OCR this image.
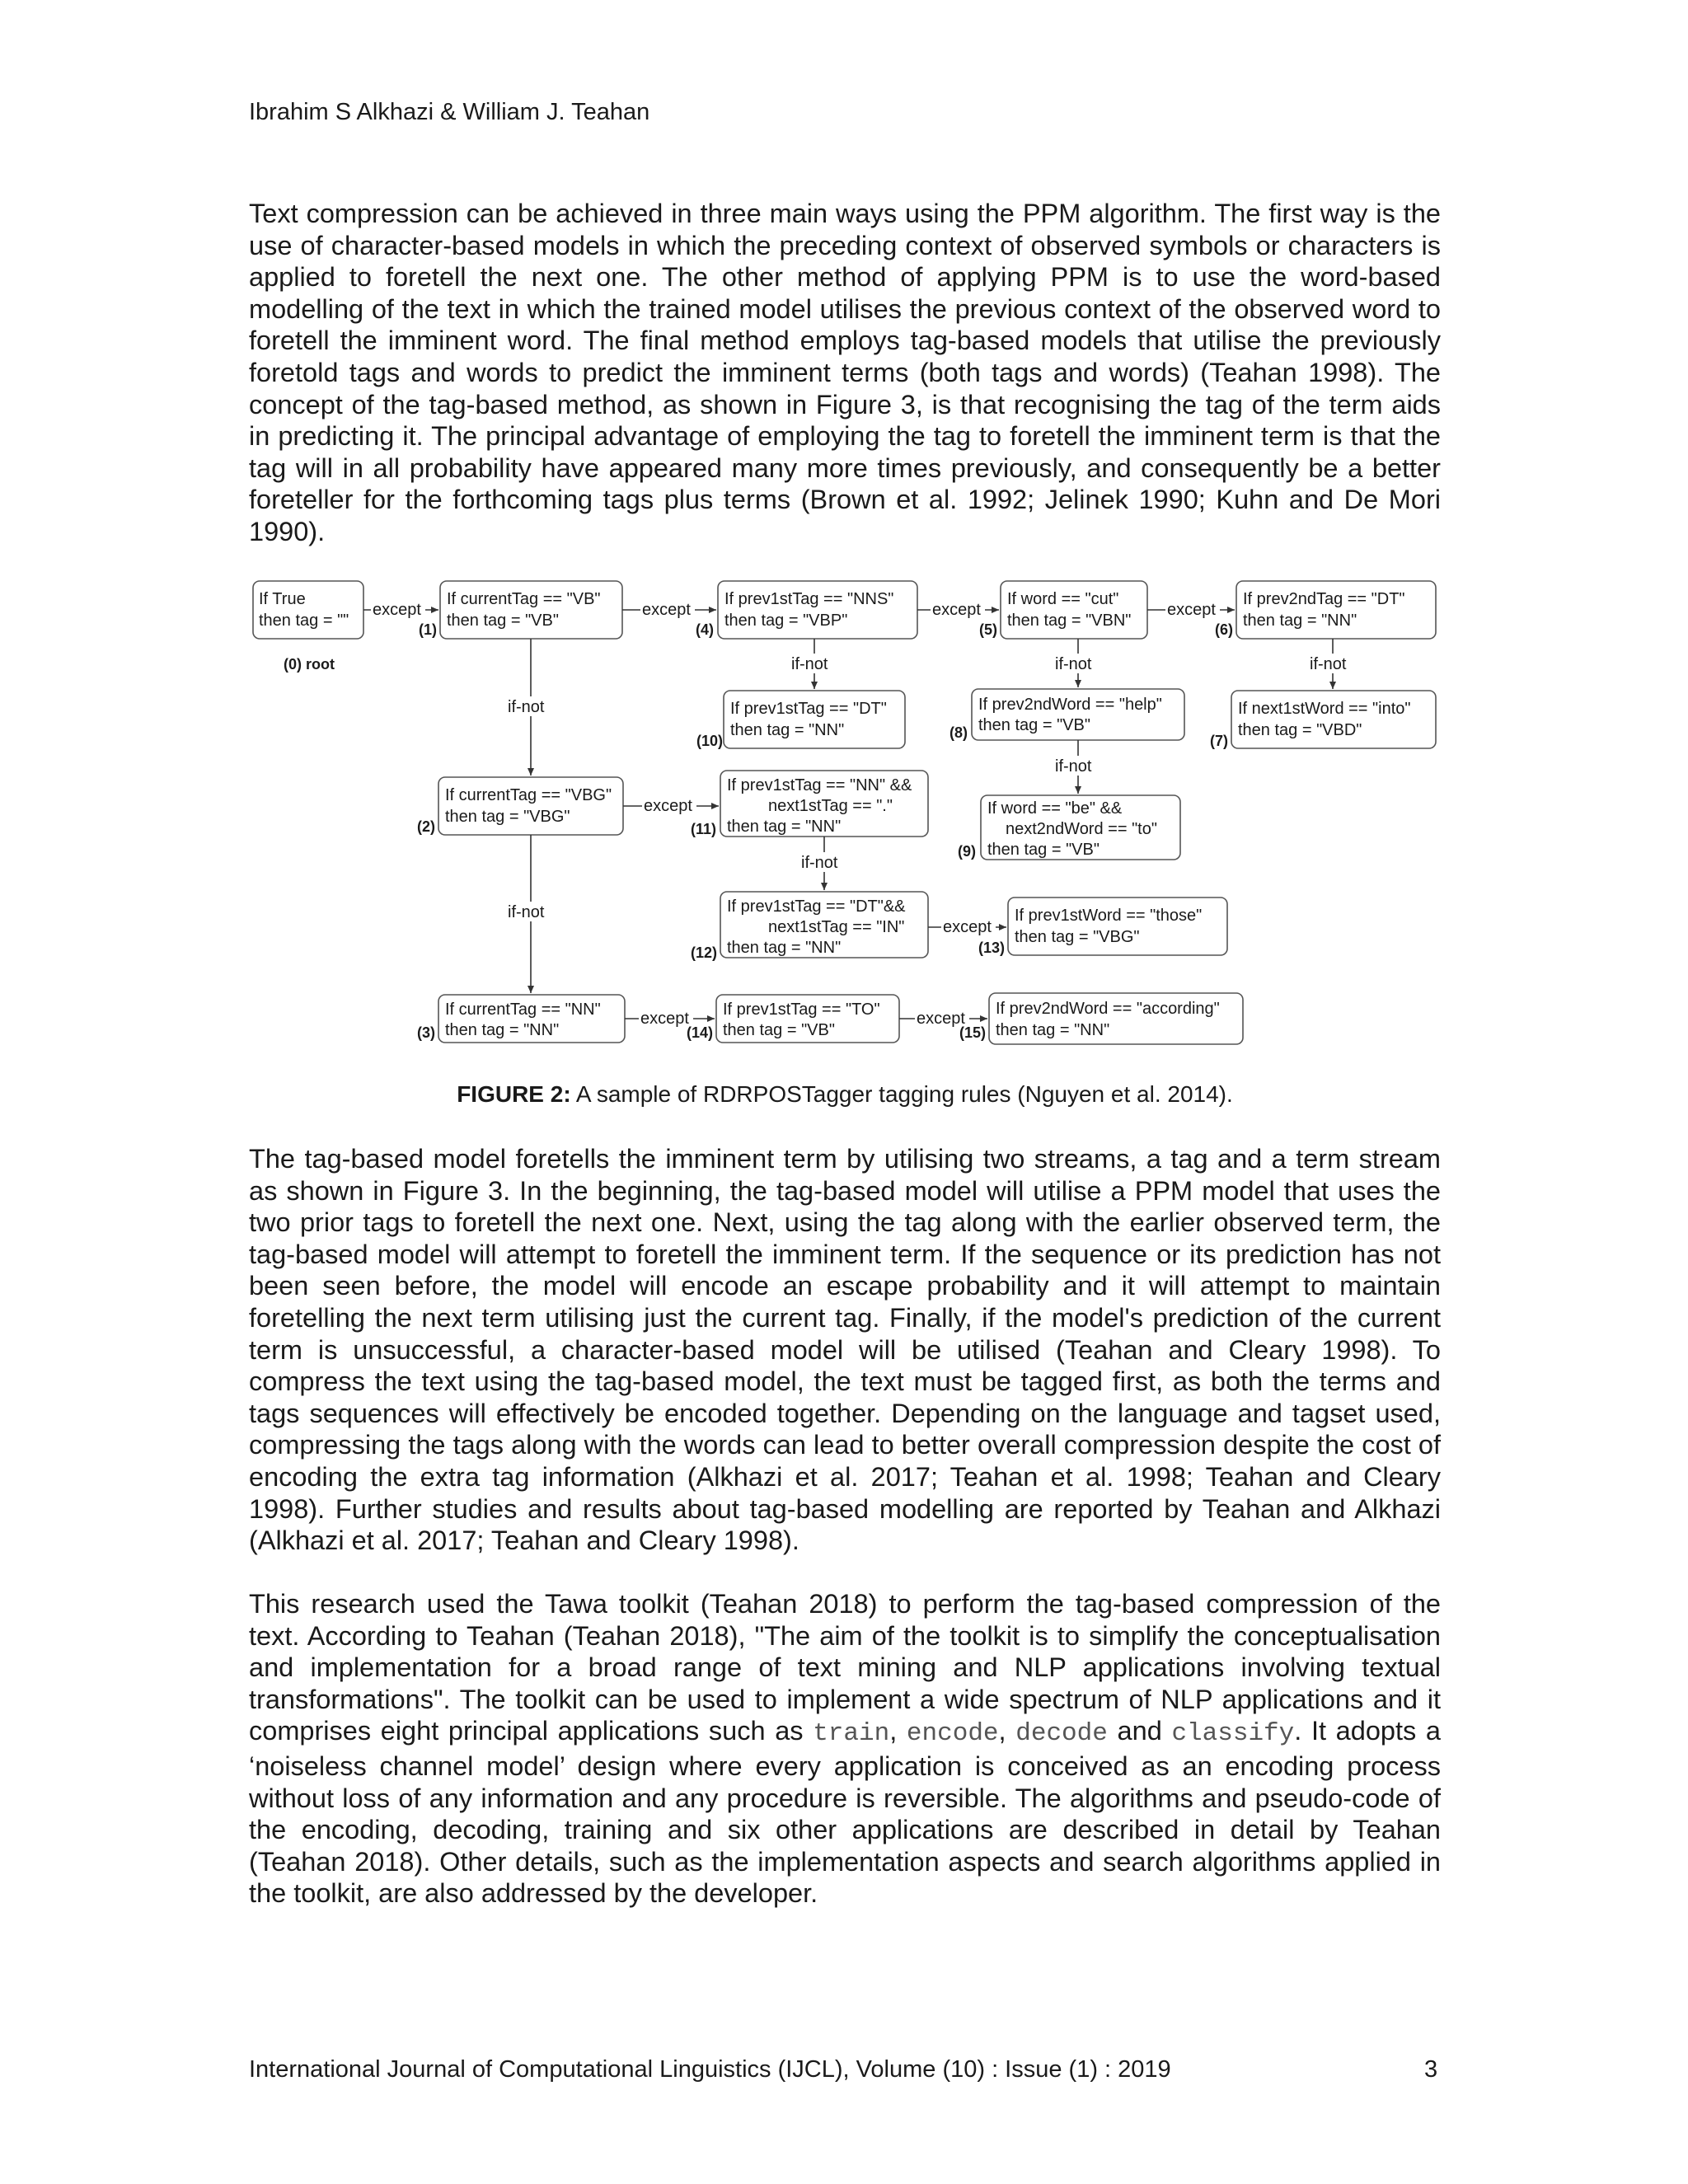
Ibrahim S Alkhazi & William J. Teahan

Text compression can be achieved in three main ways using the PPM algorithm. The first way is the use of character-based models in which the preceding context of observed symbols or characters is applied to foretell the next one. The other method of applying PPM is to use the word-based modelling of the text in which the trained model utilises the previous context of the observed word to foretell the imminent word. The final method employs tag-based models that utilise the previously foretold tags and words to predict the imminent terms (both tags and words) (Teahan 1998). The concept of the tag-based method, as shown in Figure 3, is that recognising the tag of the term aids in predicting it. The principal advantage of employing the tag to foretell the imminent term is that the tag will in all probability have appeared many more times previously, and consequently be a better foreteller for the forthcoming tags plus terms (Brown et al. 1992; Jelinek 1990; Kuhn and De Mori 1990).

If True
then tag = ""
(0) root
If currentTag == "VB"
then tag = "VB"
(1)
If prev1stTag == "NNS"
then tag = "VBP"
(4)
If word == "cut"
then tag = "VBN"
(5)
If prev2ndTag == "DT"
then tag = "NN"
(6)
except	except	except	except
if-not	if-not	if-not
If prev1stTag == "DT"
then tag = "NN"
(10)
If prev2ndWord == "help"
then tag = "VB"
(8)
If next1stWord == "into"
then tag = "VBD"
(7)
if-not
if-not
If currentTag == "VBG"
then tag = "VBG"
(2)
except
If prev1stTag == "NN" &&
next1stTag == "."
then tag = "NN"
(11)
If word == "be" &&
next2ndWord == "to"
then tag = "VB"
(9)
if-not
if-not	If prev1stTag == "DT"&&
next1stTag == "IN"
then tag = "NN"
(12)
except
If prev1stWord == "those"
then tag = "VBG"
(13)
If currentTag == "NN"
then tag = "NN"
(3)
except If prev1stTag == "TO"
then tag = "VB"
(14)
except
If prev2ndWord == "according"
then tag = "NN"
(15)
FIGURE 2: A sample of RDRPOSTagger tagging rules (Nguyen et al. 2014).

The tag-based model foretells the imminent term by utilising two streams, a tag and a term stream as shown in Figure 3. In the beginning, the tag-based model will utilise a PPM model that uses the two prior tags to foretell the next one. Next, using the tag along with the earlier observed term, the tag-based model will attempt to foretell the imminent term. If the sequence or its prediction has not been seen before, the model will encode an escape probability and it will attempt to maintain foretelling the next term utilising just the current tag. Finally, if the model's prediction of the current term is unsuccessful, a character-based model will be utilised (Teahan and Cleary 1998). To compress the text using the tag-based model, the text must be tagged first, as both the terms and tags sequences will effectively be encoded together. Depending on the language and tagset used, compressing the tags along with the words can lead to better overall compression despite the cost of encoding the extra tag information (Alkhazi et al. 2017; Teahan et al. 1998; Teahan and Cleary 1998). Further studies and results about tag-based modelling are reported by Teahan and Alkhazi (Alkhazi et al. 2017; Teahan and Cleary 1998).

This research used the Tawa toolkit (Teahan 2018) to perform the tag-based compression of the text. According to Teahan (Teahan 2018), "The aim of the toolkit is to simplify the conceptualisation and implementation for a broad range of text mining and NLP applications involving textual transformations". The toolkit can be used to implement a wide spectrum of NLP applications and it comprises eight principal applications such as train, encode, decode and classify. It adopts a ‘noiseless channel model’ design where every application is conceived as an encoding process without loss of any information and any procedure is reversible. The algorithms and pseudo-code of the encoding, decoding, training and six other applications are described in detail by Teahan (Teahan 2018). Other details, such as the implementation aspects and search algorithms applied in the toolkit, are also addressed by the developer.

International Journal of Computational Linguistics (IJCL), Volume (10) : Issue (1) : 2019	3
